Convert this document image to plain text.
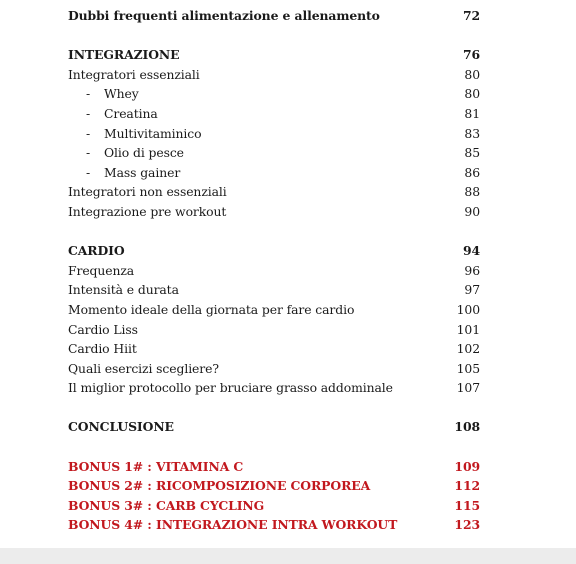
Dubbi frequenti alimentazione e allenamento	72
INTEGRAZIONE	76
Integratori essenziali	80
- Whey	80
- Creatina	81
- Multivitaminico	83
- Olio di pesce	85
- Mass gainer	86
Integratori non essenziali	88
Integrazione pre workout	90
CARDIO	94
Frequenza	96
Intensità e durata	97
Momento ideale della giornata per fare cardio	100
Cardio Liss	101
Cardio Hiit	102
Quali esercizi scegliere?	105
Il miglior protocollo per bruciare grasso addominale	107
CONCLUSIONE	108
BONUS 1# : VITAMINA C	109
BONUS 2# : RICOMPOSIZIONE CORPOREA	112
BONUS 3# : CARB CYCLING	115
BONUS 4# : INTEGRAZIONE INTRA WORKOUT	123
